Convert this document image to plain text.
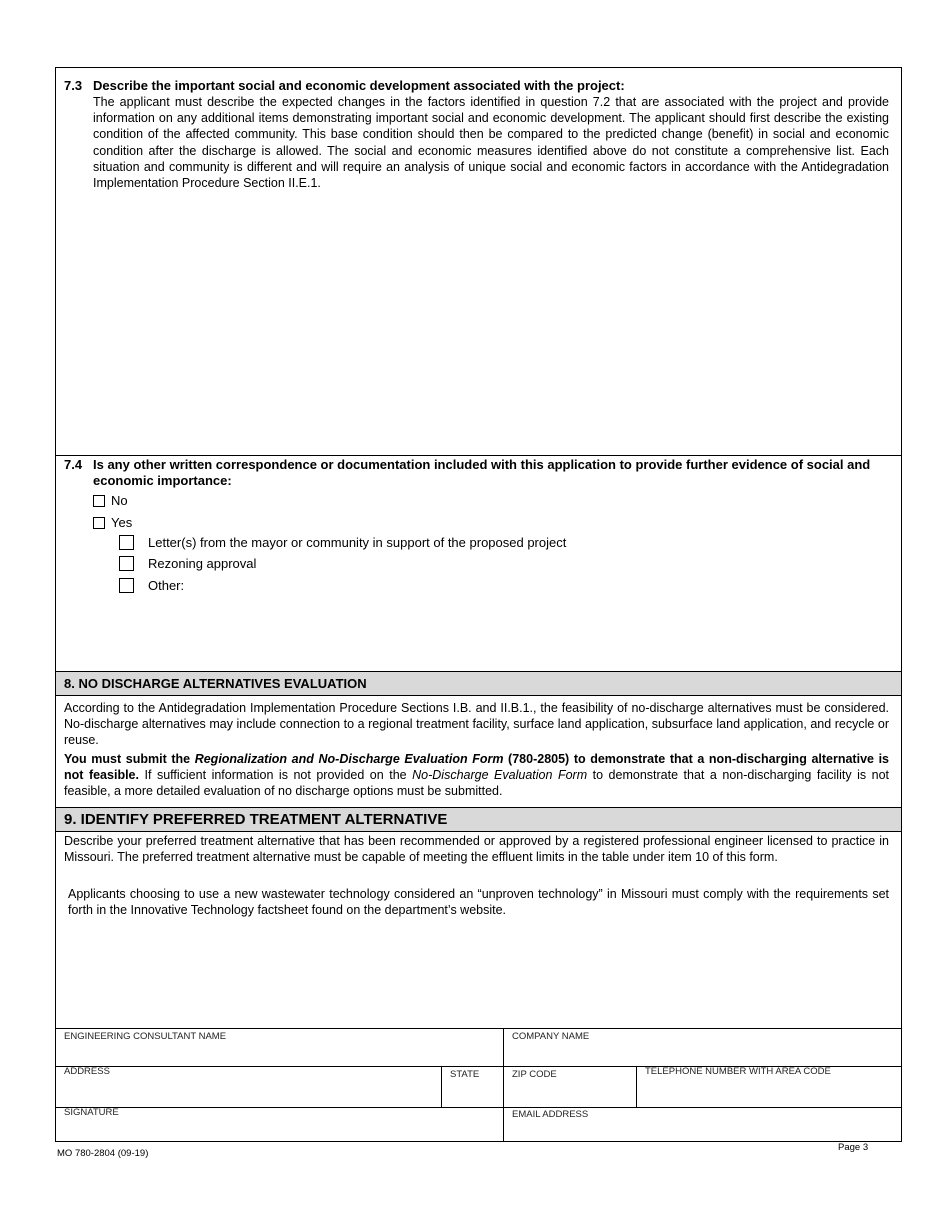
7.3 Describe the important social and economic development associated with the project:
The applicant must describe the expected changes in the factors identified in question 7.2 that are associated with the project and provide information on any additional items demonstrating important social and economic development. The applicant should first describe the existing condition of the affected community. This base condition should then be compared to the predicted change (benefit) in social and economic condition after the discharge is allowed. The social and economic measures identified above do not constitute a comprehensive list. Each situation and community is different and will require an analysis of unique social and economic factors in accordance with the Antidegradation Implementation Procedure Section II.E.1.
7.4 Is any other written correspondence or documentation included with this application to provide further evidence of social and economic importance:
No
Yes
Letter(s) from the mayor or community in support of the proposed project
Rezoning approval
Other:
8. NO DISCHARGE ALTERNATIVES EVALUATION
According to the Antidegradation Implementation Procedure Sections I.B. and II.B.1., the feasibility of no-discharge alternatives must be considered. No-discharge alternatives may include connection to a regional treatment facility, surface land application, subsurface land application, and recycle or reuse.
You must submit the Regionalization and No-Discharge Evaluation Form (780-2805) to demonstrate that a non-discharging alternative is not feasible. If sufficient information is not provided on the No-Discharge Evaluation Form to demonstrate that a non-discharging facility is not feasible, a more detailed evaluation of no discharge options must be submitted.
9. IDENTIFY PREFERRED TREATMENT ALTERNATIVE
Describe your preferred treatment alternative that has been recommended or approved by a registered professional engineer licensed to practice in Missouri. The preferred treatment alternative must be capable of meeting the effluent limits in the table under item 10 of this form.
Applicants choosing to use a new wastewater technology considered an “unproven technology” in Missouri must comply with the requirements set forth in the Innovative Technology factsheet found on the department’s website.
ENGINEERING CONSULTANT NAME	COMPANY NAME
ADDRESS	STATE	ZIP CODE	TELEPHONE NUMBER WITH AREA CODE
SIGNATURE	EMAIL ADDRESS
MO 780-2804 (09-19)
Page 3
